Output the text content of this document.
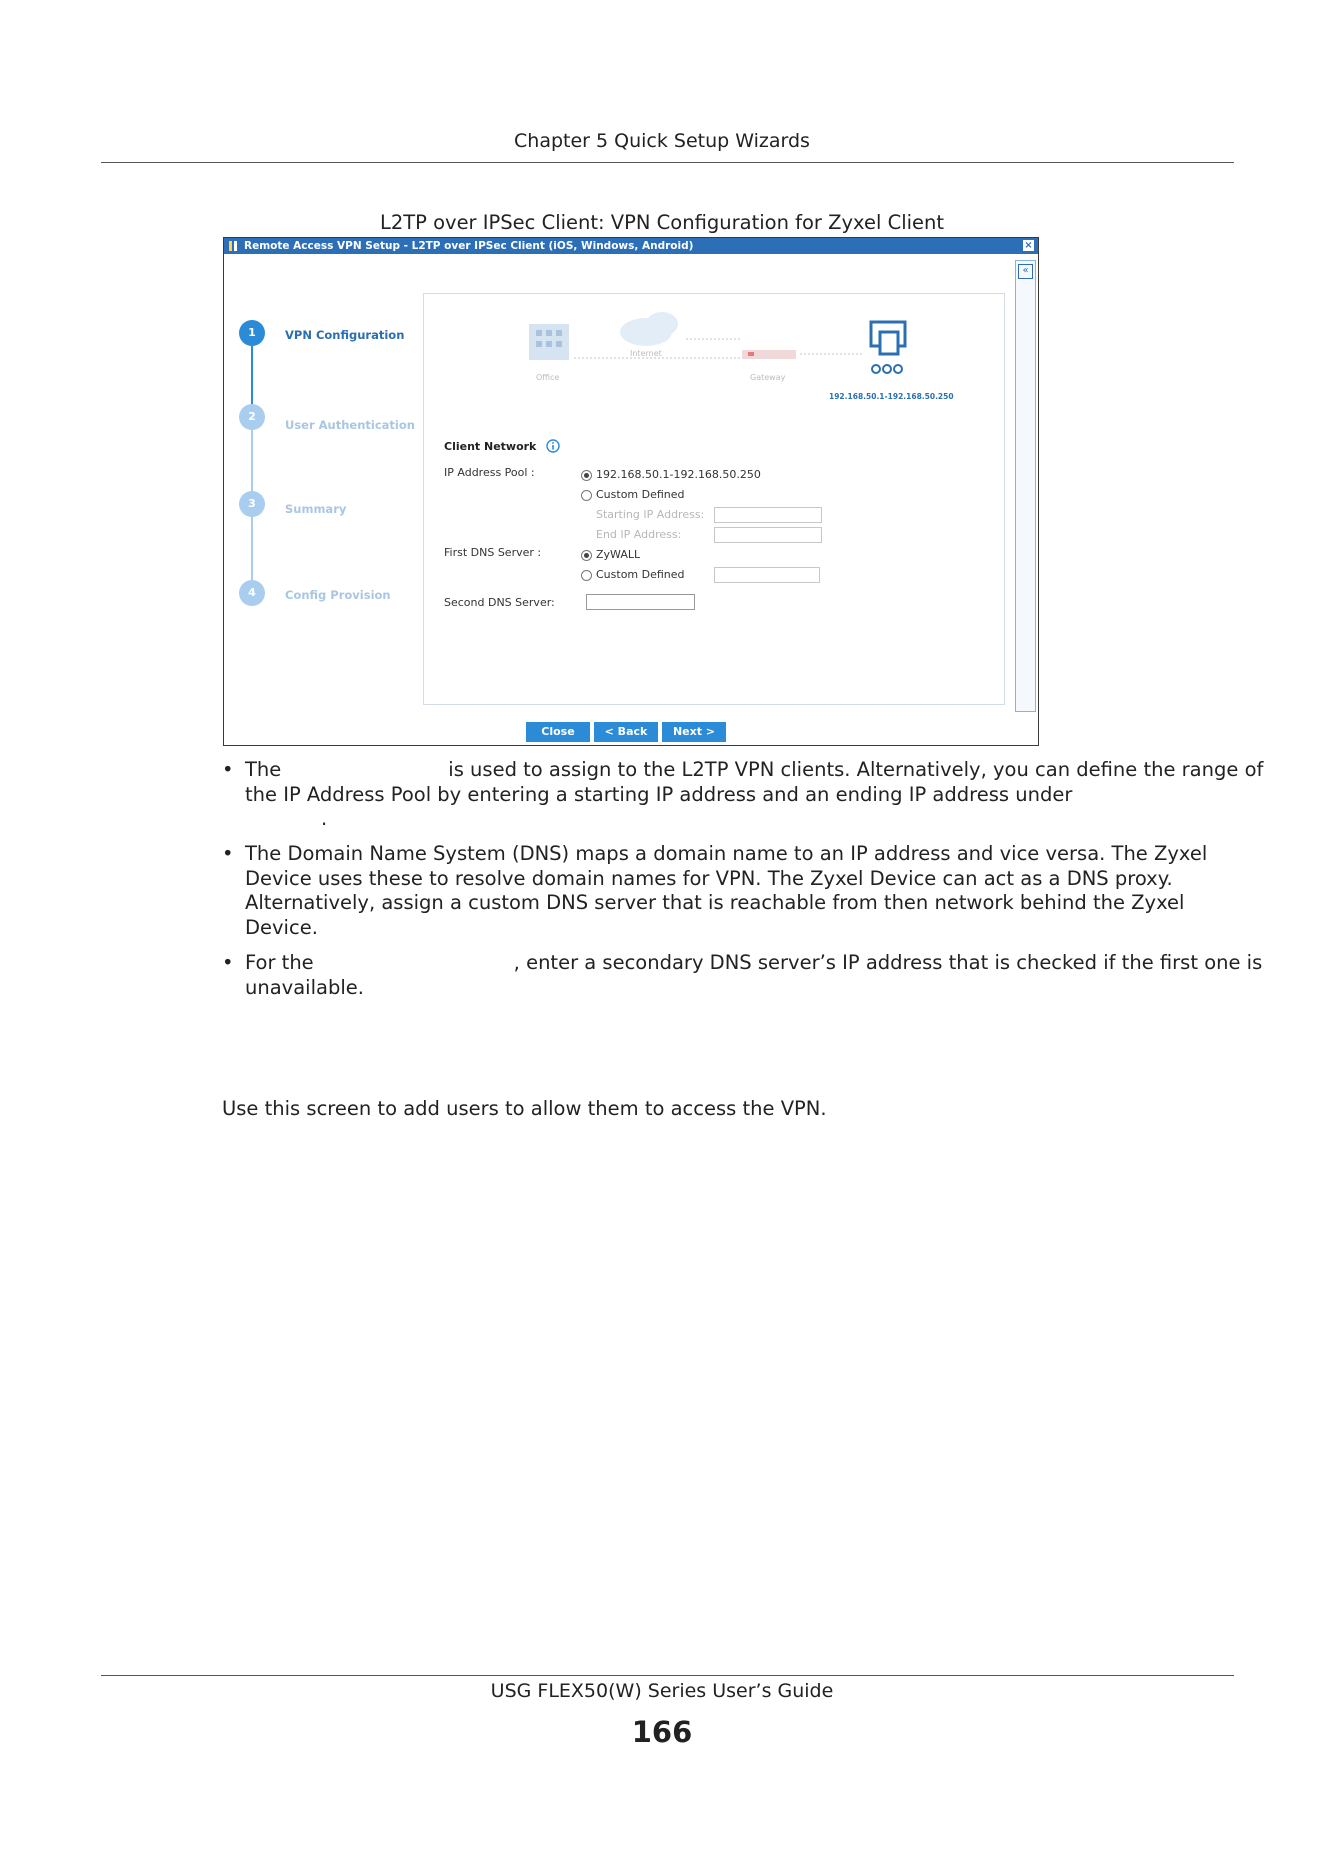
Chapter 5 Quick Setup Wizards
L2TP over IPSec Client: VPN Configuration for Zyxel Client
Remote Access VPN Setup - L2TP over IPSec Client (iOS, Windows, Android)	×
«
1	VPN Configuration
2
User Authentication
3	Summary
4	Config Provision
Office
Internet
Gateway
192.168.50.1-192.168.50.250
Client Network
IP Address Pool :	192.168.50.1-192.168.50.250
Custom Defined
Starting IP Address:
End IP Address:
First DNS Server :	ZyWALL
Custom Defined
Second DNS Server:
Close	< Back	Next >
• The	is used to assign to the L2TP VPN clients. Alternatively, you can define the range of
the IP Address Pool by entering a starting IP address and an ending IP address under
.
• The Domain Name System (DNS) maps a domain name to an IP address and vice versa. The Zyxel
Device uses these to resolve domain names for VPN. The Zyxel Device can act as a DNS proxy.
Alternatively, assign a custom DNS server that is reachable from then network behind the Zyxel
Device.
• For the	, enter a secondary DNS server’s IP address that is checked if the first one is
unavailable.
Use this screen to add users to allow them to access the VPN.
USG FLEX50(W) Series User’s Guide
166
